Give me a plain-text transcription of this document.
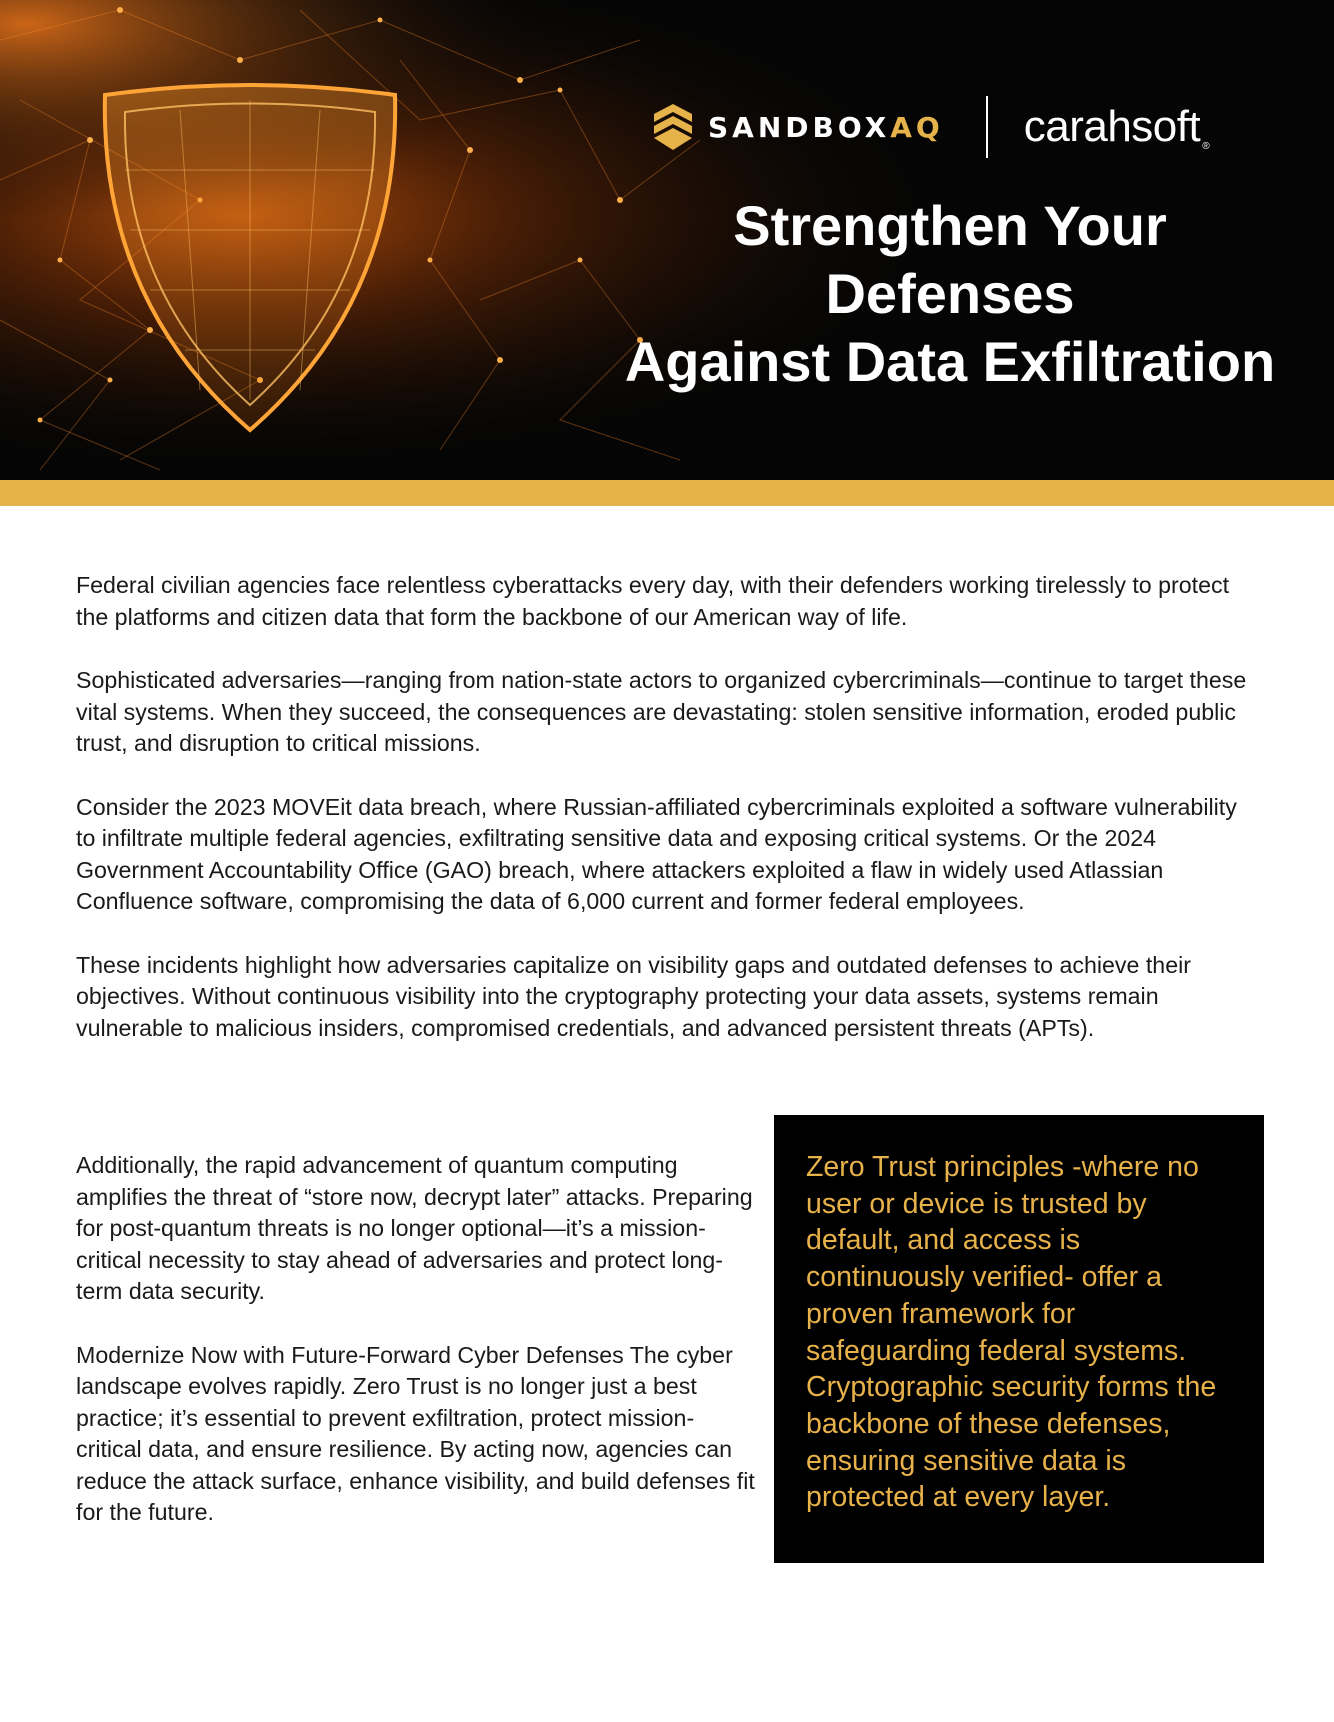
SANDBOXAQ carahsoft ®
Strengthen Your
Defenses
Against Data Exfiltration

Federal civilian agencies face relentless cyberattacks every day, with their defenders working tirelessly to protect the platforms and citizen data that form the backbone of our American way of life.

Sophisticated adversaries—ranging from nation-state actors to organized cybercriminals—continue to target these vital systems. When they succeed, the consequences are devastating: stolen sensitive information, eroded public trust, and disruption to critical missions.

Consider the 2023 MOVEit data breach, where Russian-affiliated cybercriminals exploited a software vulnerability to infiltrate multiple federal agencies, exfiltrating sensitive data and exposing critical systems. Or the 2024 Government Accountability Office (GAO) breach, where attackers exploited a flaw in widely used Atlassian Confluence software, compromising the data of 6,000 current and former federal employees.

These incidents highlight how adversaries capitalize on visibility gaps and outdated defenses to achieve their objectives. Without continuous visibility into the cryptography protecting your data assets, systems remain vulnerable to malicious insiders, compromised credentials, and advanced persistent threats (APTs).

Additionally, the rapid advancement of quantum computing amplifies the threat of “store now, decrypt later” attacks. Preparing for post-quantum threats is no longer optional—it’s a mission-critical necessity to stay ahead of adversaries and protect long-term data security.

Modernize Now with Future-Forward Cyber Defenses The cyber landscape evolves rapidly. Zero Trust is no longer just a best practice; it’s essential to prevent exfiltration, protect mission-critical data, and ensure resilience. By acting now, agencies can reduce the attack surface, enhance visibility, and build defenses fit for the future.

Zero Trust principles -where no user or device is trusted by default, and access is continuously verified- offer a proven framework for safeguarding federal systems. Cryptographic security forms the backbone of these defenses, ensuring sensitive data is protected at every layer.
